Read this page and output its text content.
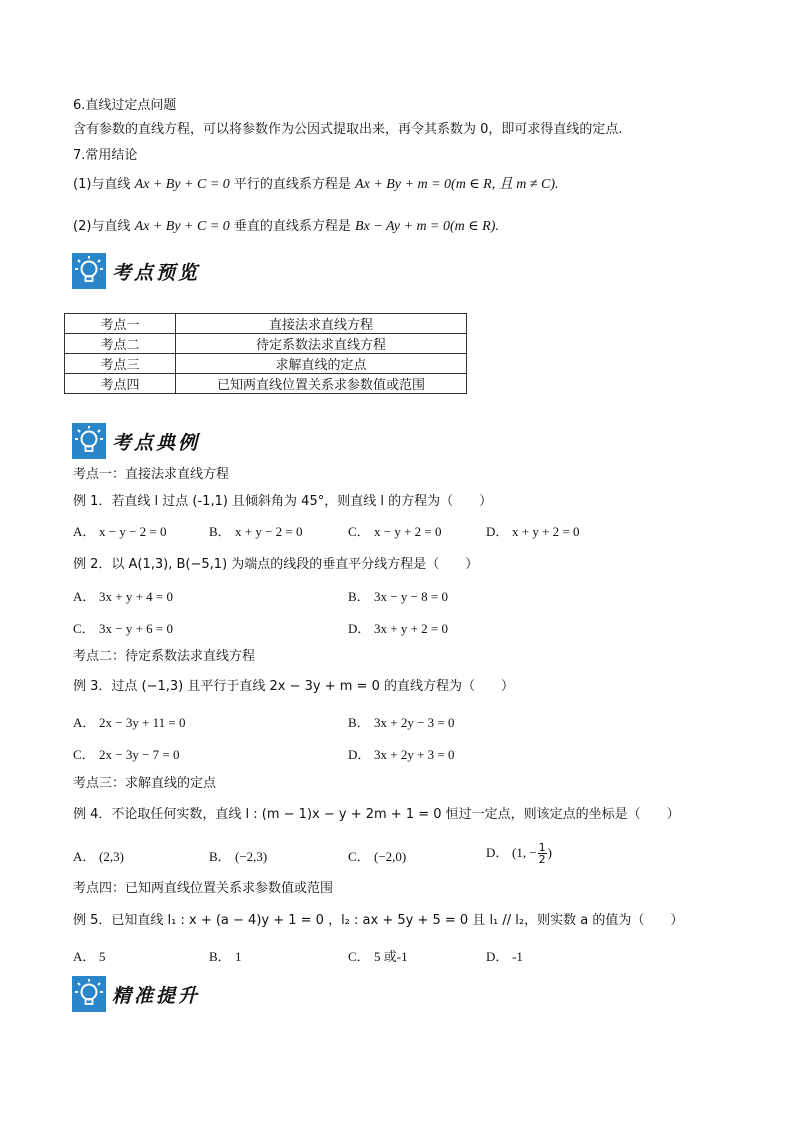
6.直线过定点问题
含有参数的直线方程，可以将参数作为公因式提取出来，再令其系数为 0，即可求得直线的定点.
7.常用结论
(1)与直线 Ax + By + C = 0 平行的直线系方程是 Ax + By + m = 0(m ∈ R, 且 m ≠ C).
(2)与直线 Ax + By + C = 0 垂直的直线系方程是 Bx − Ay + m = 0(m ∈ R).
考点预览
考点一	直接法求直线方程
考点二	待定系数法求直线方程
考点三	求解直线的定点
考点四	已知两直线位置关系求参数值或范围
考点典例
考点一：直接法求直线方程
例 1．若直线 l 过点 (-1,1) 且倾斜角为 45°，则直线 l 的方程为（　　）
A． x − y − 2 = 0	B． x + y − 2 = 0	C． x − y + 2 = 0	D． x + y + 2 = 0
例 2．以 A(1,3), B(−5,1) 为端点的线段的垂直平分线方程是（　　）
A． 3x + y + 4 = 0	B． 3x − y − 8 = 0
C． 3x − y + 6 = 0	D． 3x + y + 2 = 0
考点二：待定系数法求直线方程
例 3．过点 (−1,3) 且平行于直线 2x − 3y + m = 0 的直线方程为（　　）
A． 2x − 3y + 11 = 0	B． 3x + 2y − 3 = 0
C． 2x − 3y − 7 = 0	D． 3x + 2y + 3 = 0
考点三：求解直线的定点
例 4．不论取任何实数，直线 l : (m − 1)x − y + 2m + 1 = 0 恒过一定点，则该定点的坐标是（　　）
A． (2,3)	B． (−2,3)	C． (−2,0)	D． (1, − $\frac{1}{2}$ )
考点四：已知两直线位置关系求参数值或范围
例 5．已知直线 l₁ : x + (a − 4)y + 1 = 0 ，l₂ : ax + 5y + 5 = 0 且 l₁ // l₂，则实数 a 的值为（　　）
A． 5	B． 1	C． 5 或-1	D． -1
精准提升
